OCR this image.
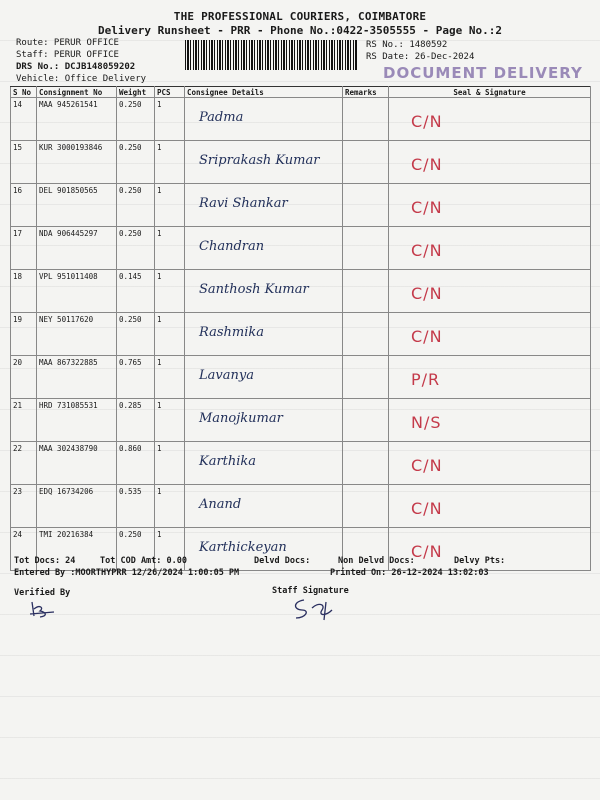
THE PROFESSIONAL COURIERS, COIMBATORE
Delivery Runsheet - PRR - Phone No.:0422-3505555 - Page No.:2
Route: PERUR OFFICE
Staff: PERUR OFFICE
DRS No.: DCJB148059202
Vehicle: Office Delivery
RS No.: 1480592
RS Date: 26-Dec-2024
DOCUMENT DELIVERY
S No	Consignment No	Weight	PCS	Consignee Details	Remarks	Seal & Signature
14	MAA 945261541	0.250	1	Padma		C/N

15	KUR 3000193846	0.250	1	Sriprakash Kumar		C/N

16	DEL 901850565	0.250	1	Ravi Shankar		C/N

17	NDA 906445297	0.250	1	Chandran		C/N

18	VPL 951011408	0.145	1	Santhosh Kumar		C/N

19	NEY 50117620	0.250	1	Rashmika		C/N

20	MAA 867322885	0.765	1	Lavanya		P/R

21	HRD 731085531	0.285	1	Manojkumar		N/S

22	MAA 302438790	0.860	1	Karthika		C/N

23	EDQ 16734206	0.535	1	Anand		C/N

24	TMI 20216384	0.250	1	Karthickeyan		C/N
Tot Docs: 24	Tot COD Amt: 0.00	Delvd Docs:	Non Delvd Docs:	Delvy Pts:
Entered By :MOORTHYPRR 12/26/2024 1:00:05 PM	Printed On: 26-12-2024 13:02:03
Verified By	Staff Signature
